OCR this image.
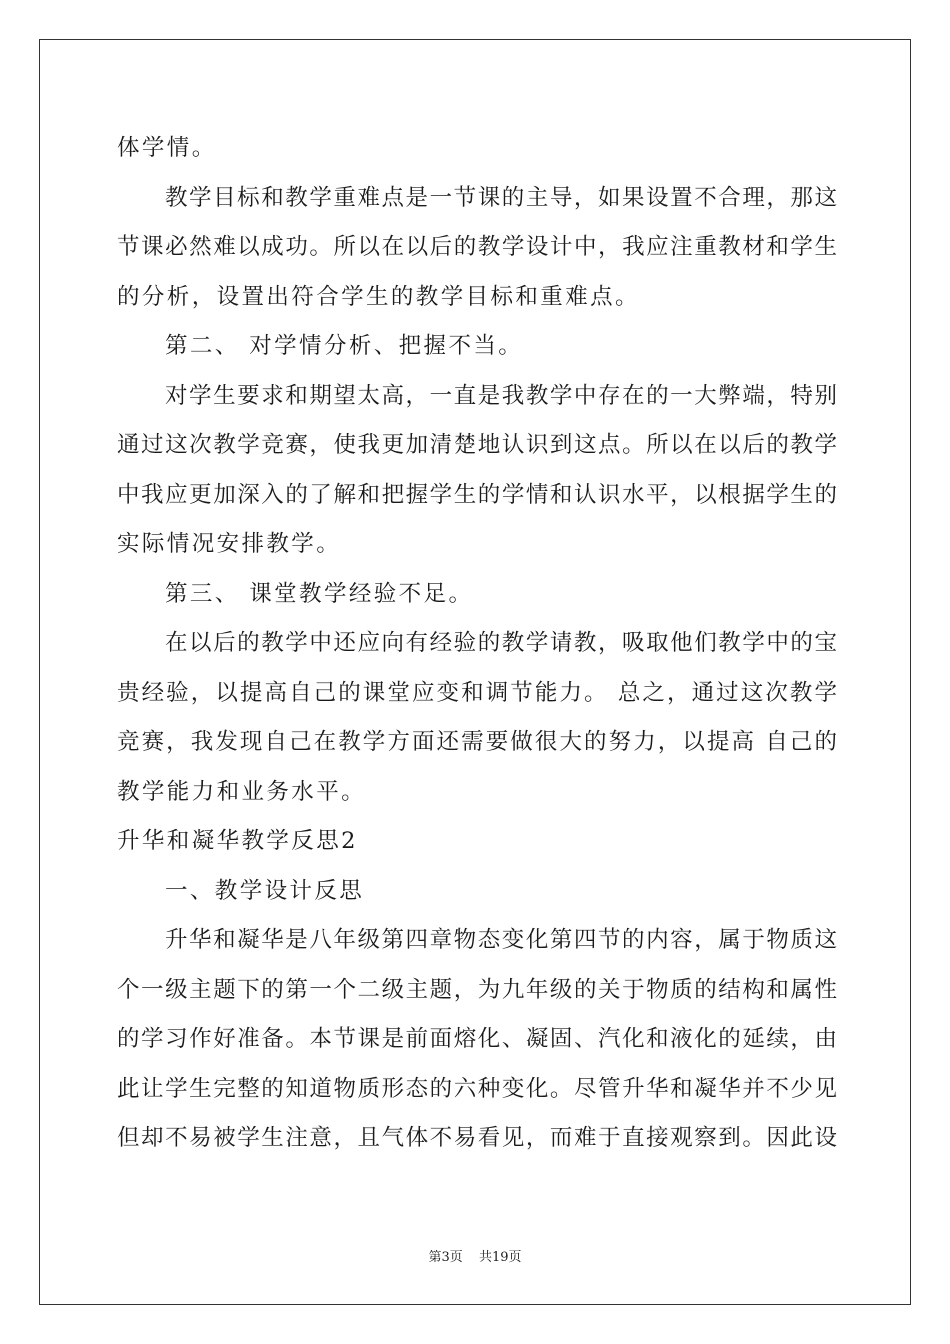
体学情。
教学目标和教学重难点是一节课的主导，如果设置不合理，那这
节课必然难以成功。所以在以后的教学设计中，我应注重教材和学生
的分析，设置出符合学生的教学目标和重难点。
第二、 对学情分析、把握不当。
对学生要求和期望太高，一直是我教学中存在的一大弊端，特别
通过这次教学竞赛，使我更加清楚地认识到这点。所以在以后的教学
中我应更加深入的了解和把握学生的学情和认识水平，以根据学生的
实际情况安排教学。
第三、 课堂教学经验不足。
在以后的教学中还应向有经验的教学请教，吸取他们教学中的宝
贵经验，以提高自己的课堂应变和调节能力。 总之，通过这次教学
竞赛，我发现自己在教学方面还需要做很大的努力，以提高 自己的
教学能力和业务水平。
升华和凝华教学反思2
一、教学设计反思
升华和凝华是八年级第四章物态变化第四节的内容，属于物质这
个一级主题下的第一个二级主题，为九年级的关于物质的结构和属性
的学习作好准备。本节课是前面熔化、凝固、汽化和液化的延续，由
此让学生完整的知道物质形态的六种变化。尽管升华和凝华并不少见
但却不易被学生注意，且气体不易看见，而难于直接观察到。因此设
第3页 共19页
